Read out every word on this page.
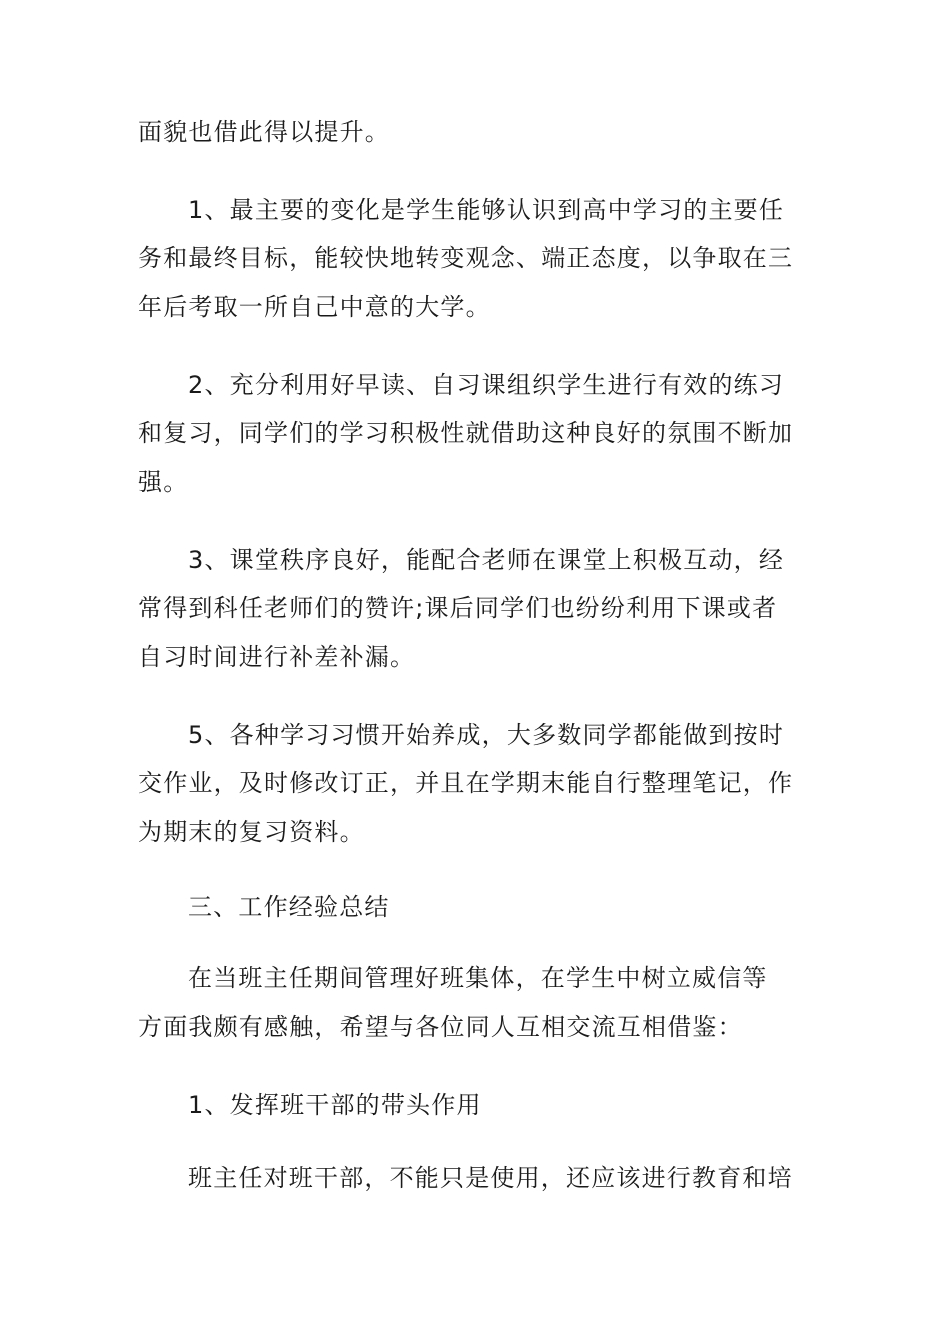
面貌也借此得以提升。

1、最主要的变化是学生能够认识到高中学习的主要任

务和最终目标，能较快地转变观念、端正态度，以争取在三

年后考取一所自己中意的大学。

2、充分利用好早读、自习课组织学生进行有效的练习

和复习，同学们的学习积极性就借助这种良好的氛围不断加

强。

3、课堂秩序良好，能配合老师在课堂上积极互动，经

常得到科任老师们的赞许;课后同学们也纷纷利用下课或者

自习时间进行补差补漏。

5、各种学习习惯开始养成，大多数同学都能做到按时

交作业，及时修改订正，并且在学期末能自行整理笔记，作

为期末的复习资料。

三、工作经验总结

在当班主任期间管理好班集体，在学生中树立威信等

方面我颇有感触，希望与各位同人互相交流互相借鉴：

1、发挥班干部的带头作用

班主任对班干部，不能只是使用，还应该进行教育和培
